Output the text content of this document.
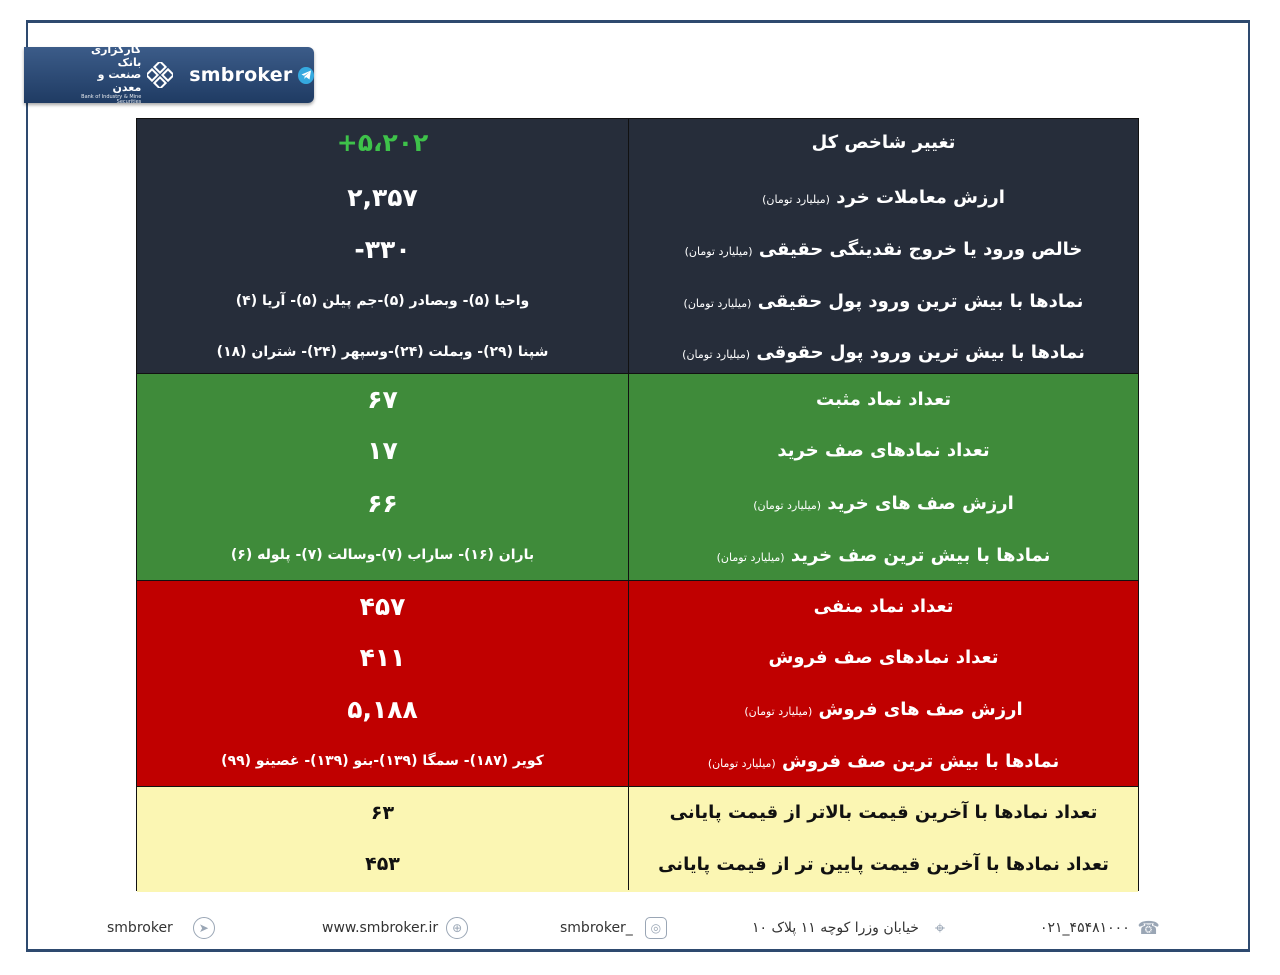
کارگزاری بانک
صنعت و معدن
Bank of Industry & Mine Securities
smbroker
+۵،۲۰۲	تغییر شاخص کل
۲,۳۵۷	ارزش معاملات خرد (میلیارد تومان)
-۳۳۰	خالص ورود یا خروج نقدینگی حقیقی (میلیارد تومان)
واحیا (۵)- وبصادر (۵)-جم پیلن (۵)- آریا (۴)	نمادها با بیش ترین ورود پول حقیقی (میلیارد تومان)
شپنا (۲۹)- وبملت (۲۴)-وسپهر (۲۴)- شتران (۱۸)	نمادها با بیش ترین ورود پول حقوقی (میلیارد تومان)
۶۷	تعداد نماد مثبت
۱۷	تعداد نمادهای صف خرید
۶۶	ارزش صف های خرید (میلیارد تومان)
باران (۱۶)- ساراب (۷)-وسالت (۷)- پلوله (۶)	نمادها با بیش ترین صف خرید (میلیارد تومان)
۴۵۷	تعداد نماد منفی
۴۱۱	تعداد نمادهای صف فروش
۵,۱۸۸	ارزش صف های فروش (میلیارد تومان)
کویر (۱۸۷)- سمگا (۱۳۹)-بنو (۱۳۹)- غصینو (۹۹)	نمادها با بیش ترین صف فروش (میلیارد تومان)
۶۳	تعداد نمادها با آخرین قیمت بالاتر از قیمت پایانی
۴۵۳	تعداد نمادها با آخرین قیمت پایین تر از قیمت پایانی
smbroker	➤	www.smbroker.ir	⊕	smbroker_	◎	⌖
خیابان وزرا کوچه ۱۱ پلاک ۱۰	۰۲۱_۴۵۴۸۱۰۰۰ ☎
